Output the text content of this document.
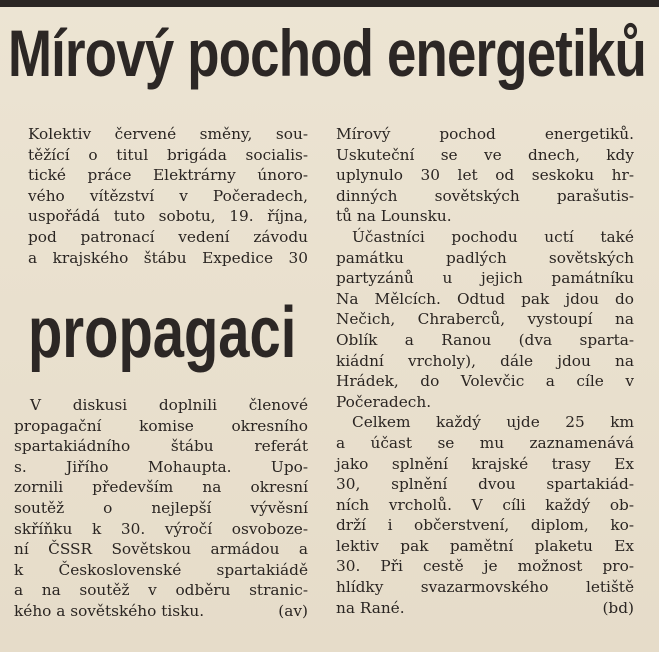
Mírový pochod energetiků
Kolektiv červené směny, sou-
těžící o titul brigáda socialis-
tické práce Elektrárny únoro-
vého vítězství v Počeradech,
uspořádá tuto sobotu, 19. října,
pod patronací vedení závodu
a krajského štábu Expedice 30
propagaci
V diskusi doplnili členové
propagační komise okresního
spartakiádního štábu referát
s. Jiřího Mohaupta. Upo-
zornili především na okresní
soutěž o nejlepší vývěsní
skříňku k 30. výročí osvoboze-
ní ČSSR Sovětskou armádou a
k Československé spartakiádě
a na soutěž v odběru stranic-
kého a sovětského tisku.	(av)
Mírový pochod energetiků.
Uskuteční se ve dnech, kdy
uplynulo 30 let od seskoku hr-
dinných sovětských parašutis-
tů na Lounsku.
Účastníci pochodu uctí také
památku padlých sovětských
partyzánů u jejich památníku
Na Mělcích. Odtud pak jdou do
Nečich, Chraberců, vystoupí na
Oblík a Ranou (dva sparta-
kiádní vrcholy), dále jdou na
Hrádek, do Volevčic a cíle v
Počeradech.
Celkem každý ujde 25 km
a účast se mu zaznamenává
jako splnění krajské trasy Ex
30, splnění dvou spartakiád-
ních vrcholů. V cíli každý ob-
drží i občerstvení, diplom, ko-
lektiv pak pamětní plaketu Ex
30. Při cestě je možnost pro-
hlídky svazarmovského letiště
na Rané.	(bd)
